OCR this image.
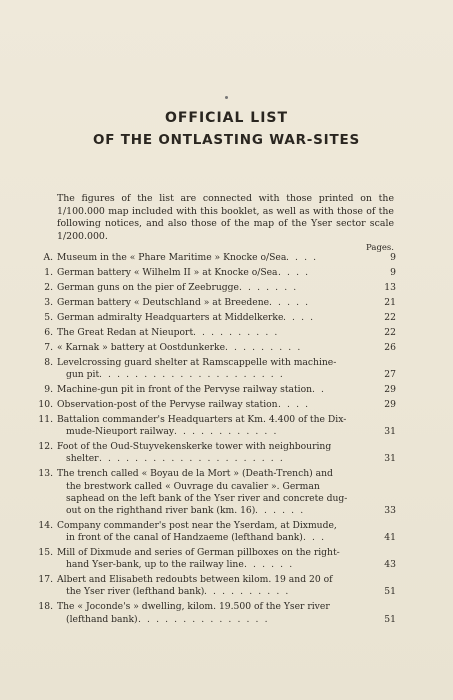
OFFICIAL LIST
OF THE ONTLASTING WAR-SITES
The figures of the list are connected with those printed on the
1/100.000 map included with this booklet, as well as with those of the
following notices, and also those of the map of the Yser sector scale
1/200.000.
Pages.
A. Museum in the « Phare Maritime » Knocke o/Sea . . . .	9
1. German battery « Wilhelm II » at Knocke o/Sea . . . .	9
2. German guns on the pier of Zeebrugge . . . . . . .	13
3. German battery « Deutschland » at Breedene . . . . .	21
5. German admiralty Headquarters at Middelkerke . . . .	22
6. The Great Redan at Nieuport . . . . . . . . . .	22
7. « Karnak » battery at Oostdunkerke . . . . . . . . .	26
8. Levelcrossing guard shelter at Ramscappelle with machine-
gun pit . . . . . . . . . . . . . . . . . . . . .	27
9. Machine-gun pit in front of the Pervyse railway station . .	29
10. Observation-post of the Pervyse railway station . . . .	29
11. Battalion commander's Headquarters at Km. 4.400 of the Dix-
mude-Nieuport railway . . . . . . . . . . . .	31
12. Foot of the Oud-Stuyvekenskerke tower with neighbouring
shelter . . . . . . . . . . . . . . . . . . . . .	31
13. The trench called « Boyau de la Mort » (Death-Trench) and
the brestwork called « Ouvrage du cavalier ». German
saphead on the left bank of the Yser river and concrete dug-
out on the righthand river bank (km. 16) . . . . . .	33
14. Company commander's post near the Yserdam, at Dixmude,
in front of the canal of Handzaeme (lefthand bank) . . .	41
15. Mill of Dixmude and series of German pillboxes on the right-
hand Yser-bank, up to the railway line . . . . . .	43
17. Albert and Elisabeth redoubts between kilom. 19 and 20 of
the Yser river (lefthand bank) . . . . . . . . . .	51
18. The « Joconde's » dwelling, kilom. 19.500 of the Yser river
(lefthand bank) . . . . . . . . . . . . . . .	51
